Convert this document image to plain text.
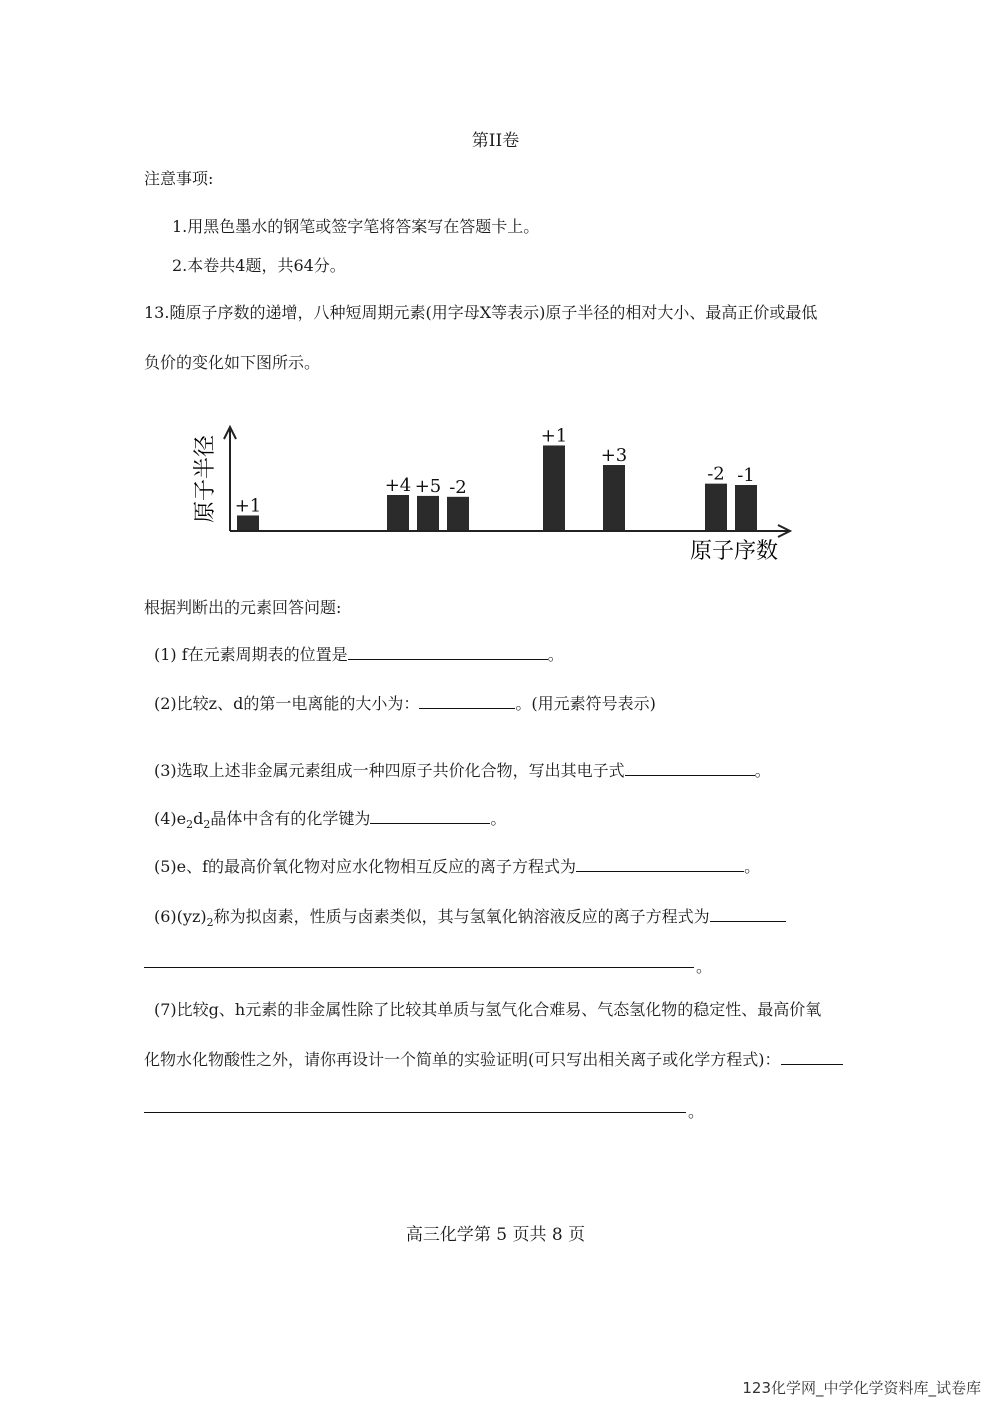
第II卷
注意事项:
1.用黑色墨水的钢笔或签字笔将答案写在答题卡上。
2.本卷共4题，共64分。
13.随原子序数的递增，八种短周期元素(用字母X等表示)原子半径的相对大小、最高正价或最低
负价的变化如下图所示。
原子半径
原子序数
+1
+4 +5 -2
+1
+3
-2 -1
根据判断出的元素回答问题:
(1) f在元素周期表的位置是	。
(2)比较z、d的第一电离能的大小为：	。(用元素符号表示)
(3)选取上述非金属元素组成一种四原子共价化合物，写出其电子式	。
$(4)e_2d_2$晶体中含有的化学键为	。
(5)e、f的最高价氧化物对应水化物相互反应的离子方程式为	。
$(6)(yz)_2$称为拟卤素，性质与卤素类似，其与氢氧化钠溶液反应的离子方程式为
。
(7)比较g、h元素的非金属性除了比较其单质与氢气化合难易、气态氢化物的稳定性、最高价氧
化物水化物酸性之外，请你再设计一个简单的实验证明(可只写出相关离子或化学方程式)：
。
高三化学第 5 页共 8 页
123化学网_中学化学资料库_试卷库
